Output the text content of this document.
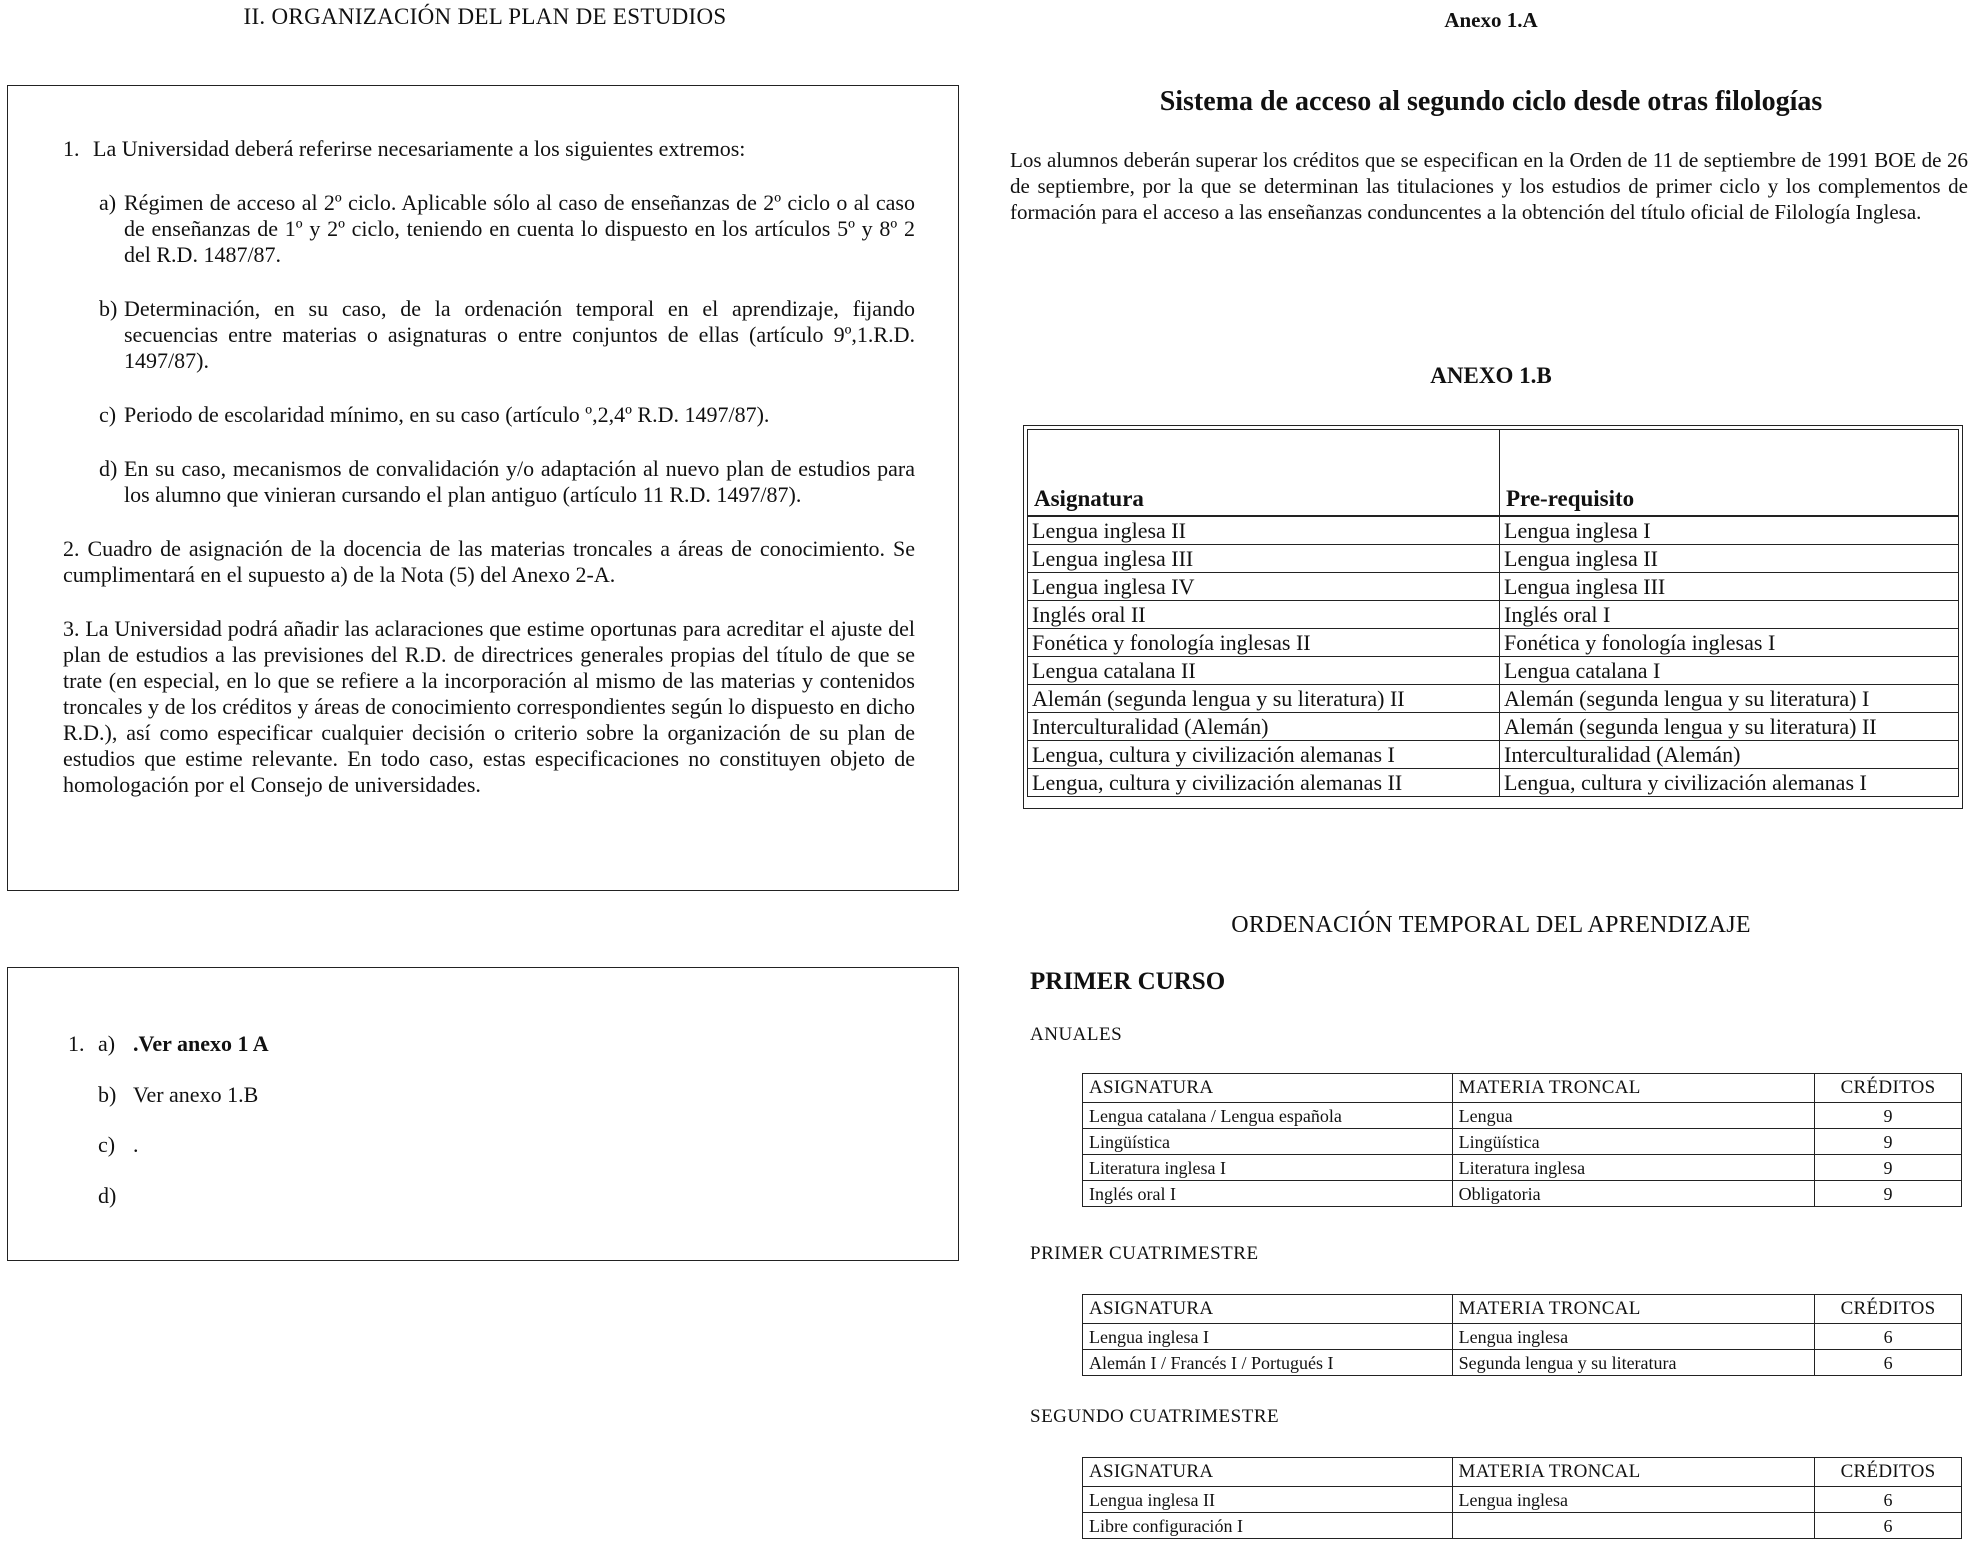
II. ORGANIZACIÓN DEL PLAN DE ESTUDIOS

1. La Universidad deberá referirse necesariamente a los siguientes extremos:

a) Régimen de acceso al 2º ciclo. Aplicable sólo al caso de enseñanzas de 2º ciclo o al caso de enseñanzas de 1º y 2º ciclo, teniendo en cuenta lo dispuesto en los artículos 5º y 8º 2 del R.D. 1487/87.
b) Determinación, en su caso, de la ordenación temporal en el aprendizaje, fijando secuencias entre materias o asignaturas o entre conjuntos de ellas (artículo 9º,1.R.D. 1497/87).
c) Periodo de escolaridad mínimo, en su caso (artículo º,2,4º R.D. 1497/87).
d) En su caso, mecanismos de convalidación y/o adaptación al nuevo plan de estudios para los alumno que vinieran cursando el plan antiguo (artículo 11 R.D. 1497/87).

2. Cuadro de asignación de la docencia de las materias troncales a áreas de conocimiento. Se cumplimentará en el supuesto a) de la Nota (5) del Anexo 2-A.

3. La Universidad podrá añadir las aclaraciones que estime oportunas para acreditar el ajuste del plan de estudios a las previsiones del R.D. de directrices generales propias del título de que se trate (en especial, en lo que se refiere a la incorporación al mismo de las materias y contenidos troncales y de los créditos y áreas de conocimiento correspondientes según lo dispuesto en dicho R.D.), así como especificar cualquier decisión o criterio sobre la organización de su plan de estudios que estime relevante. En todo caso, estas especificaciones no constituyen objeto de homologación por el Consejo de universidades.

1. a) .Ver anexo 1 A
b) Ver anexo 1.B
c) .
d)
Anexo 1.A
Sistema de acceso al segundo ciclo desde otras filologías
Los alumnos deberán superar los créditos que se especifican en la Orden de 11 de septiembre de 1991 BOE de 26 de septiembre, por la que se determinan las titulaciones y los estudios de primer ciclo y los complementos de formación para el acceso a las enseñanzas conduncentes a la obtención del título oficial de Filología Inglesa.
ANEXO 1.B
Asignatura	Pre-requisito
Lengua inglesa II	Lengua inglesa I
Lengua inglesa III	Lengua inglesa II
Lengua inglesa IV	Lengua inglesa III
Inglés oral II	Inglés oral I
Fonética y fonología inglesas II	Fonética y fonología inglesas I
Lengua catalana II	Lengua catalana I
Alemán (segunda lengua y su literatura) II	Alemán (segunda lengua y su literatura) I
Interculturalidad (Alemán)	Alemán (segunda lengua y su literatura) II
Lengua, cultura y civilización alemanas I	Interculturalidad (Alemán)
Lengua, cultura y civilización alemanas II	Lengua, cultura y civilización alemanas I
ORDENACIÓN TEMPORAL DEL APRENDIZAJE
PRIMER CURSO
ANUALES
ASIGNATURA	MATERIA TRONCAL	CRÉDITOS
Lengua catalana / Lengua española	Lengua	9
Lingüística	Lingüística	9
Literatura inglesa I	Literatura inglesa	9
Inglés oral I	Obligatoria	9
PRIMER CUATRIMESTRE
ASIGNATURA	MATERIA TRONCAL	CRÉDITOS
Lengua inglesa I	Lengua inglesa	6
Alemán I / Francés I / Portugués I	Segunda lengua y su literatura	6
SEGUNDO CUATRIMESTRE
ASIGNATURA	MATERIA TRONCAL	CRÉDITOS
Lengua inglesa II	Lengua inglesa	6
Libre configuración I		6
